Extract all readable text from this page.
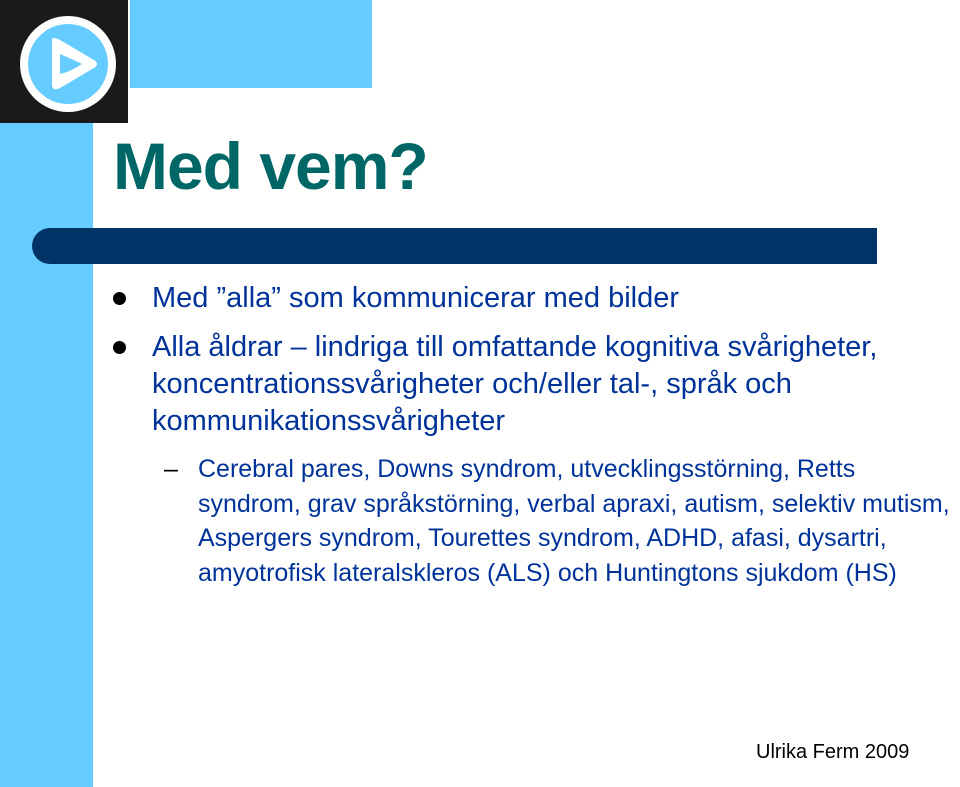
Med vem?
Med ”alla” som kommunicerar med bilder
Alla åldrar – lindriga till omfattande kognitiva svårigheter, koncentrationssvårigheter och/eller tal-, språk och kommunikationssvårigheter
– Cerebral pares, Downs syndrom, utvecklingsstörning, Retts syndrom, grav språkstörning, verbal apraxi, autism, selektiv mutism, Aspergers syndrom, Tourettes syndrom, ADHD, afasi, dysartri, amyotrofisk lateralskleros (ALS) och Huntingtons sjukdom (HS)
Ulrika Ferm 2009
